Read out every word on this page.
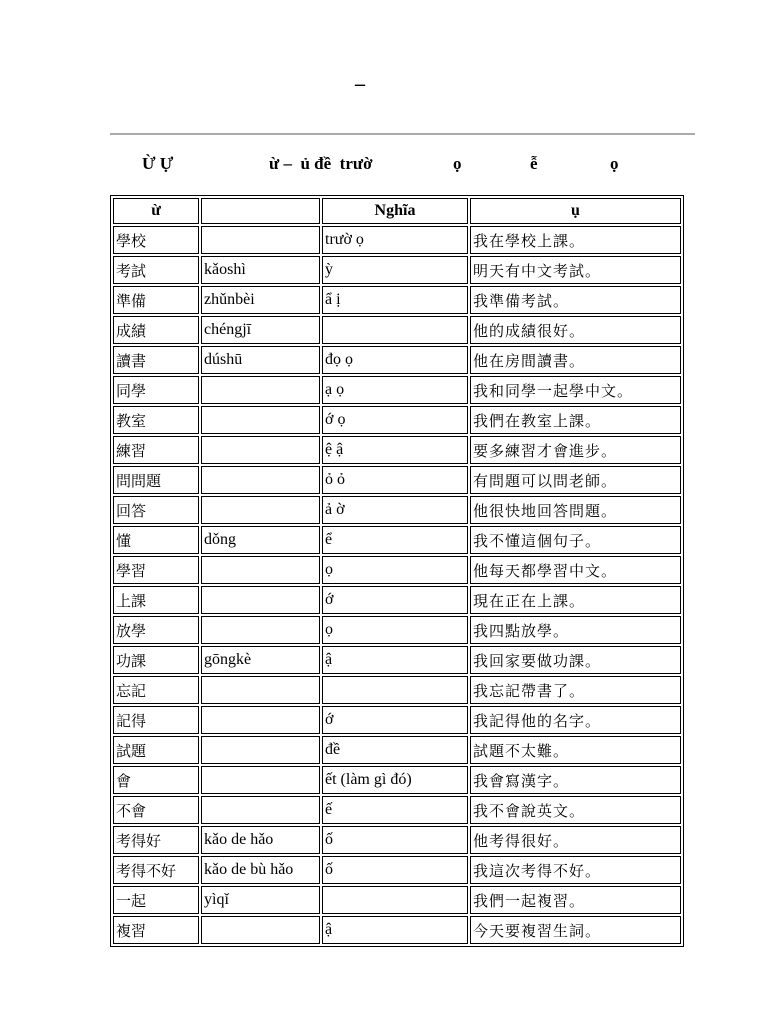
–
Ừ Ự	ừ –  ủ đề  trườ	ọ	ễ	ọ
ừ		Nghĩa	ụ
學校		trườ ọ	我在學校上課。
考試	kǎoshì	ỳ	明天有中文考試。
準備	zhǔnbèi	ẩ ị	我準備考試。
成績	chéngjī		他的成績很好。
讀書	dúshū	đọ ọ	他在房間讀書。
同學		ạ ọ	我和同學一起學中文。
教室		ớ ọ	我們在教室上課。
練習		ệ ậ	要多練習才會進步。
問問題		ỏ ỏ	有問題可以問老師。
回答		ả ờ	他很快地回答問題。
懂	dǒng	ể	我不懂這個句子。
學習		ọ	他每天都學習中文。
上課		ớ	現在正在上課。
放學		ọ	我四點放學。
功課	gōngkè	ậ	我回家要做功課。
忘記			我忘記帶書了。
記得		ớ	我記得他的名字。
試題		đề	試題不太難。
會		ết (làm gì đó)	我會寫漢字。
不會		ế	我不會說英文。
考得好	kǎo de hǎo	ố	他考得很好。
考得不好	kǎo de bù hǎo	ố	我這次考得不好。
一起	yìqǐ		我們一起複習。
複習		ậ	今天要複習生詞。
